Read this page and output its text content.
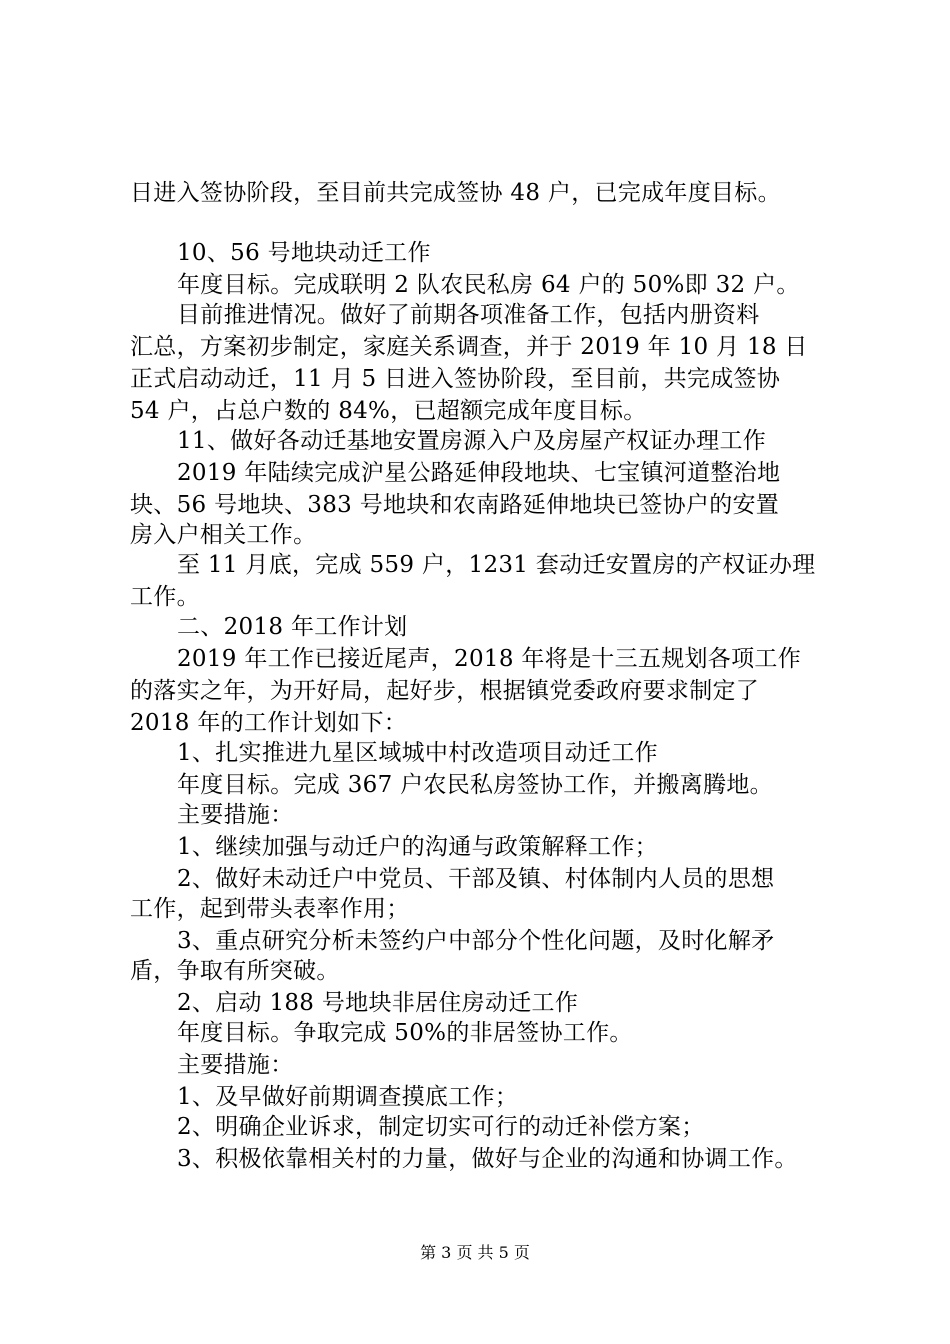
日进入签协阶段，至目前共完成签协 48 户，已完成年度目标。
10、56 号地块动迁工作
年度目标。完成联明 2 队农民私房 64 户的 50%即 32 户。
目前推进情况。做好了前期各项准备工作，包括内册资料
汇总，方案初步制定，家庭关系调查，并于 2019 年 10 月 18 日
正式启动动迁，11 月 5 日进入签协阶段，至目前，共完成签协
54 户，占总户数的 84%，已超额完成年度目标。
11、做好各动迁基地安置房源入户及房屋产权证办理工作
2019 年陆续完成沪星公路延伸段地块、七宝镇河道整治地
块、56 号地块、383 号地块和农南路延伸地块已签协户的安置
房入户相关工作。
至 11 月底，完成 559 户，1231 套动迁安置房的产权证办理
工作。
二、2018 年工作计划
2019 年工作已接近尾声，2018 年将是十三五规划各项工作
的落实之年，为开好局，起好步，根据镇党委政府要求制定了
2018 年的工作计划如下：
1、扎实推进九星区域城中村改造项目动迁工作
年度目标。完成 367 户农民私房签协工作，并搬离腾地。
主要措施：
1、继续加强与动迁户的沟通与政策解释工作；
2、做好未动迁户中党员、干部及镇、村体制内人员的思想
工作，起到带头表率作用；
3、重点研究分析未签约户中部分个性化问题，及时化解矛
盾，争取有所突破。
2、启动 188 号地块非居住房动迁工作
年度目标。争取完成 50%的非居签协工作。
主要措施：
1、及早做好前期调查摸底工作；
2、明确企业诉求，制定切实可行的动迁补偿方案；
3、积极依靠相关村的力量，做好与企业的沟通和协调工作。
第 3 页 共 5 页
